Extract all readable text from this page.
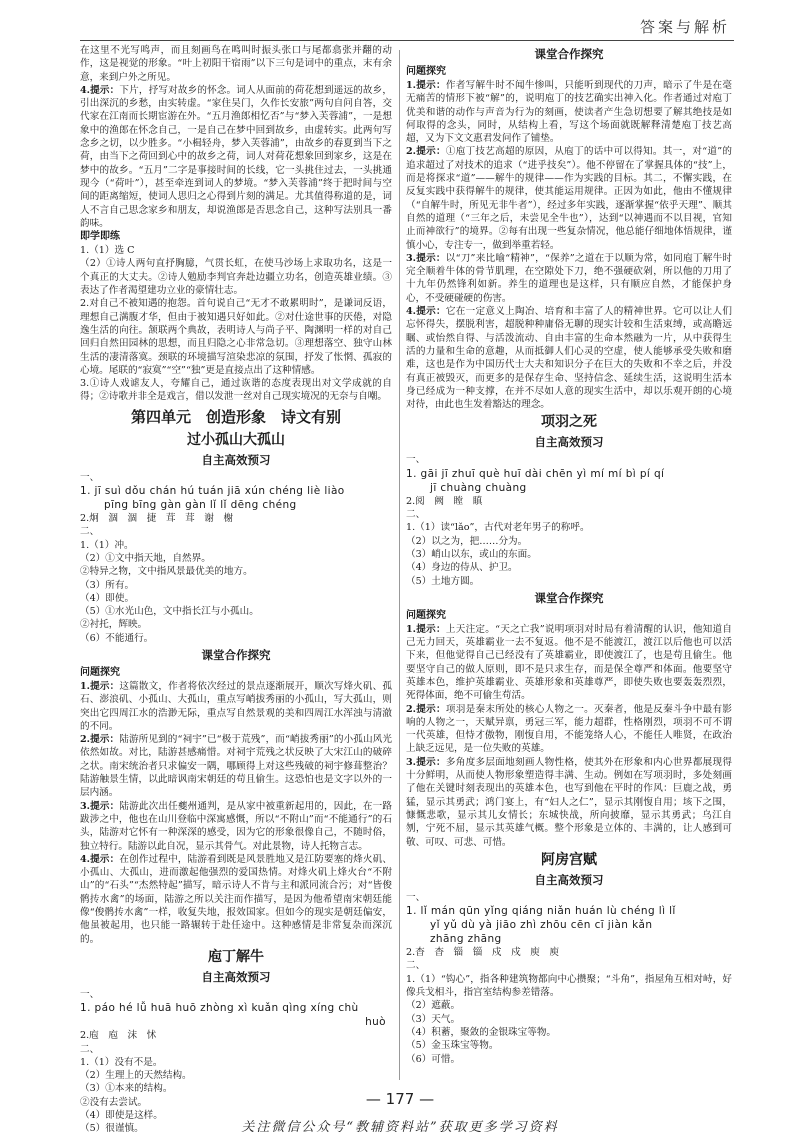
答案与解析

在这里不光写鸣声，而且刻画鸟在鸣叫时振头张口与尾都翕张并翻的动作，这是视觉的形象。“叶上初阳干宿雨”以下三句是词中的重点，末有余意，来到户外之所见。

4.提示：下片，抒写对故乡的怀念。词人从面前的荷花想到遥远的故乡，引出深沉的乡愁，由实转虚。“家住吴门，久作长安旅”两句自问自答，交代家在江南而长期宦游在外。“五月渔郎相忆否”与“梦入芙蓉浦”，一是想象中的渔郎在怀念自己，一是自己在梦中回到故乡，由虚转实。此两句写念乡之切，以少胜多。“小楫轻舟，梦入芙蓉浦”，由故乡的春夏到当下之荷，由当下之荷回到心中的故乡之荷，词人对荷花想象回到家乡，这是在梦中的故乡。“五月”二字是事接时间的长线，它一头挑住过去，一头挑通现今（“荷叶”），甚至牵连到词人的梦境。“梦入芙蓉浦”终于把时间与空间的距离缩短，使词人思归之心得到片刻的满足。尤其值得称道的是，词人不言自己思念家乡和朋友，却说渔郎是否思念自己，这种写法别具一番韵味。

即学即练

1.（1）选 C

（2）①诗人两句直抒胸臆，气贯长虹，在使马沙场上求取功名，这是一个真正的大丈夫。②诗人勉励李判官奔赴边疆立功名，创造英雄业绩。③表达了作者渴望建功立业的豪情壮志。

2.对自己不被知遇的抱怨。首句说自己“无才不敢累明时”，是谦词反语，理想自己满腹才华，但由于被知遇只好如此。②对仕途世事的厌倦，对隐逸生活的向往。颔联两个典故，表明诗人与尚子平、陶渊明一样的对自己回归自然田园林的思想，而且归隐之心非常急切。③理想落空、独守山林生活的凄清落寞。颈联的环境描写渲染悲凉的氛围，抒发了怅惘、孤寂的心境。尾联的“寂寞”“空”“独”更是直接点出了这种情感。

3.①诗人戏谑友人，夸耀自己，通过诙谐的态度表现出对文学成就的自得；②诗歌并非全是戏言，借以发泄一丝对自己现实境况的无奈与自嘲。

第四单元　创造形象　诗文有别
过小孤山大孤山
自主高效预习
一、

1. jī suì dǒu chán hú tuán jiā xún chéng liè liào

pīng bīng gàn gàn lǐ lǐ dēng chéng

2.炯　涸　涸　捷　茸　茸　谢　榭

二、

1.（1）冲。

（2）①文中指天地，自然界。

②特异之物，文中指风景最优美的地方。

（3）所有。

（4）即使。

（5）①水光山色，文中指长江与小孤山。

②衬托，辉映。

（6）不能通行。

课堂合作探究
问题探究

1.提示：这篇散文，作者将依次经过的景点逐渐展开，顺次写烽火矶、孤石、澎浪矶、小孤山、大孤山，重点写峭拔秀丽的小孤山，写大孤山，则突出它四周江水的浩渺无际，重点写自然景观的美和四周江水浑浊与清澈的不同。

2.提示：陆游所见到的“祠宇”已“极于荒残”，而“峭拔秀丽”的小孤山风光依然如故。对比，陆游甚感痛惜。对祠宇荒残之状反映了大宋江山的破碎之状。南宋统治者只求偏安一隅，哪顾得上对这些残破的祠宇修葺整治？陆游触景生情，以此暗讽南宋朝廷的苟且偷生。这恐怕也是文字以外的一层内涵。

3.提示：陆游此次出任夔州通判，是从家中被重新起用的，因此，在一路跋涉之中，他也在山川登临中深寓感慨，所以“不附山”而“不能通行”的石头，陆游对它怀有一种深深的感受，因为它的形象很像自己，不随时俗，独立特行。陆游以此自况，显示其骨气。对此景物，诗人托物言志。

4.提示：在创作过程中，陆游看到既是风景胜地又是江防要塞的烽火矶、小孤山、大孤山，进而激起他强烈的爱国热情。对烽火矶上烽火台“不附山”的“石头”“杰然特起”描写，暗示诗人不肯与主和派同流合污；对“皆俊鹘抟水禽”的场面，陆游之所以关注而作描写，是因为他希望南宋朝廷能像“俊鹘抟水禽”一样，收复失地，报效国家。但如今的现实是朝廷偏安，他虽被起用，也只能一路辗转于赴任途中。这种感情是非常复杂而深沉的。

庖丁解牛
自主高效预习
一、

1. páo hé lǚ huā huō zhòng xì kuǎn qìng xíng chù

huò

2.庖　庖　沫　怵

二、

1.（1）没有不是。

（2）生理上的天然结构。

（3）①本来的结构。

②没有去尝试。

（4）即使是这样。

（5）很谨慎。

课堂合作探究
问题探究

1.提示：作者写解牛时不闻牛惨叫，只能听到现代的刀声，暗示了牛是在毫无痛苦的情形下被“解”的，说明庖丁的技艺确实出神入化。作者通过对庖丁优美和谐的动作与声音为行为的刻画，使读者产生急切想要了解其绝技是如何取得的念头，同时，从结构上看，写这个场面就既解释清楚庖丁技艺高超，又为下文文惠君发问作了铺垫。

2.提示：①庖丁技艺高超的原因，从庖丁的话中可以得知。其一，对“道”的追求超过了对技术的追求（“进乎技矣”）。他不停留在了掌握具体的“技”上，而是将探求“道”——解牛的规律——作为实践的目标。其二，不懈实践，在反复实践中获得解牛的规律，使其能运用规律。正因为如此，他由不懂规律（“自解牛时，所见无非牛者”），经过多年实践，逐渐掌握“依乎天理”、顺其自然的道理（“三年之后，未尝见全牛也”），达到“以神遇而不以目视，官知止而神欲行”的境界。②每有出现一些复杂情况，他总能仔细地体悟规律，谨慎小心，专注专一，做到举重若轻。

3.提示：以“刀”来比喻“精神”，“保养”之道在于以顺为常，如同庖丁解牛时完全顺着牛体的骨节肌理，在空隙处下刀，绝不强硬砍剁，所以他的刀用了十九年仍然锋利如新。养生的道理也是这样，只有顺应自然，才能保护身心，不受硬碰硬的伤害。

4.提示：它在一定意义上陶冶、培育和丰富了人的精神世界。它可以让人们忘怀得失，摆脱利害，超脱种种庸俗无聊的现实计较和生活束缚，或高瞻远瞩、或怡然自得、与活泼流动、自由丰富的生命本然融为一片，从中获得生活的力量和生命的意趣，从而抵御人们心灵的空虚，使人能够承受失败和磨难，这也是作为中国历代士大夫和知识分子在巨大的失败和不幸之后，并没有真正被毁灭，而更多的是保存生命、坚持信念、延续生活，这说明生活本身已经成为一种支撑，在并不尽如人意的现实生活中，却以乐观开朗的心境对待，由此也生发着豁达的理念。

项羽之死
自主高效预习
一、

1. gāi jī zhuī què huī dài chēn yì mí mí bì pí qí

jī chuàng chuàng

2.阅　阙　瞠　瞋

二、

1.（1）读“lǎo”，古代对老年男子的称呼。

（2）以之为，把……分为。

（3）峭山以东，或山的东面。

（4）身边的侍从、护卫。

（5）土地方圆。

课堂合作探究
问题探究

1.提示：上天注定。“天之亡我”说明项羽对时局有着清醒的认识，他知道自己无力回天，英雄霸业一去不复返。他不是不能渡江，渡江以后他也可以活下来，但他觉得自己已经没有了英雄霸业，即使渡江了，也是苟且偷生。他要坚守自己的做人原则，即不是只求生存，而是保全尊严和体面。他要坚守英雄本色，维护英雄霸业、英雄形象和英雄尊严，即使失败也要轰轰烈烈，死得体面，绝不可偷生苟活。

2.提示：项羽是秦末所处的核心人物之一。灭秦者，他是反秦斗争中最有影响的人物之一，天赋异禀，勇冠三军，能力超群，性格刚烈，项羽不可不谓一代英雄，但恃才傲物，刚愎自用，不能笼络人心，不能任人唯贤，在政治上缺乏远见，是一位失败的英雄。

3.提示：多角度多层面地刻画人物性格，使其外在形象和内心世界都展现得十分鲜明，从而使人物形象塑造得丰满、生动。例如在写项羽时，多处刻画了他在关键时刻表现出的英雄本色，也写到他在平时的作风：巨鹿之战，勇猛，显示其勇武；鸿门宴上，有“妇人之仁”，显示其刚愎自用；垓下之围，慷慨悲歌，显示其儿女情长；东城快战，所向披靡，显示其勇武；乌江自刎，宁死不屈，显示其英雄气概。整个形象是立体的、丰满的，让人感到可敬、可叹、可悲、可惜。

阿房宫赋
自主高效预习
一、

1. lǐ mán qūn yǐng qiáng niǎn huán lù chéng lì lǐ

yǐ yǔ dù yà jiāo zhì zhōu cēn cī jiàn kǎn

zhāng zhāng

2.杳　杳　锱　锱　戍　戍　庾　庾

二、

1.（1）“钩心”，指各种建筑物都向中心攒聚；“斗角”，指屋角互相对峙，好像兵戈相斗，指宫室结构参差错落。

（2）遮蔽。

（3）天气。

（4）积蓄，聚敛的金银珠宝等物。

（5）金玉珠宝等物。

（6）可惜。

— 177 —
关注微信公众号“教辅资料站”获取更多学习资料
